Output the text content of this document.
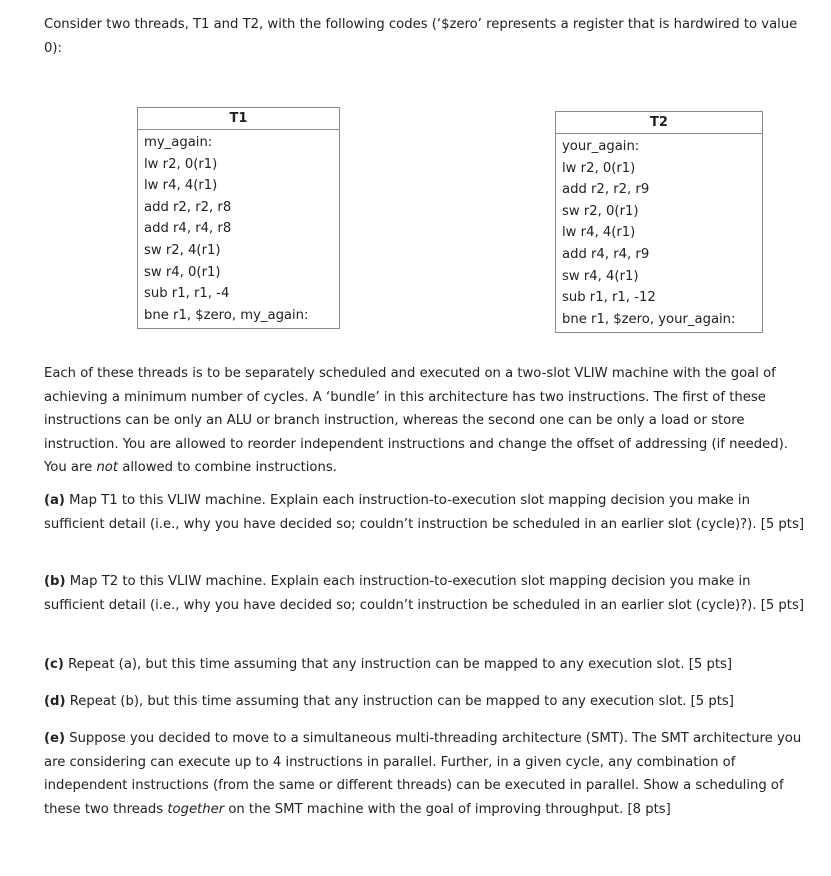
Consider two threads, T1 and T2, with the following codes (‘$zero’ represents a register that is hardwired to value 0):

T1
my_again:
lw r2, 0(r1)
lw r4, 4(r1)
add r2, r2, r8
add r4, r4, r8
sw r2, 4(r1)
sw r4, 0(r1)
sub r1, r1, -4
bne r1, $zero, my_again:
T2
your_again:
lw r2, 0(r1)
add r2, r2, r9
sw r2, 0(r1)
lw r4, 4(r1)
add r4, r4, r9
sw r4, 4(r1)
sub r1, r1, -12
bne r1, $zero, your_again:

Each of these threads is to be separately scheduled and executed on a two-slot VLIW machine with the goal of achieving a minimum number of cycles. A ‘bundle’ in this architecture has two instructions. The first of these instructions can be only an ALU or branch instruction, whereas the second one can be only a load or store instruction. You are allowed to reorder independent instructions and change the offset of addressing (if needed). You are not allowed to combine instructions.

(a) Map T1 to this VLIW machine. Explain each instruction-to-execution slot mapping decision you make in sufficient detail (i.e., why you have decided so; couldn’t instruction be scheduled in an earlier slot (cycle)?). [5 pts]

(b) Map T2 to this VLIW machine. Explain each instruction-to-execution slot mapping decision you make in sufficient detail (i.e., why you have decided so; couldn’t instruction be scheduled in an earlier slot (cycle)?). [5 pts]

(c) Repeat (a), but this time assuming that any instruction can be mapped to any execution slot. [5 pts]

(d) Repeat (b), but this time assuming that any instruction can be mapped to any execution slot. [5 pts]

(e) Suppose you decided to move to a simultaneous multi-threading architecture (SMT). The SMT architecture you are considering can execute up to 4 instructions in parallel. Further, in a given cycle, any combination of independent instructions (from the same or different threads) can be executed in parallel. Show a scheduling of these two threads together on the SMT machine with the goal of improving throughput. [8 pts]
